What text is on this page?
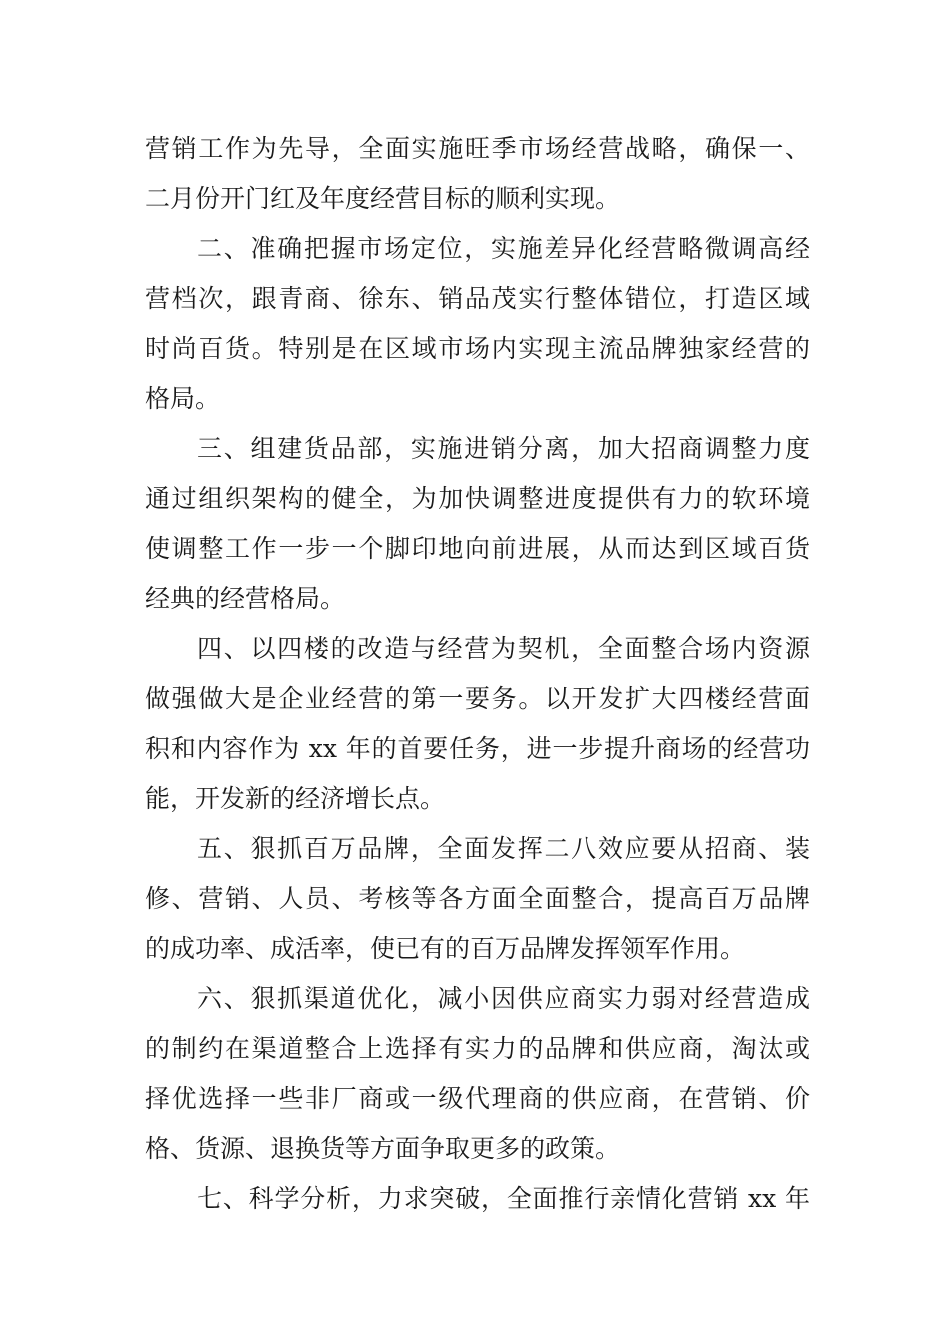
营销工作为先导，全面实施旺季市场经营战略，确保一、
二月份开门红及年度经营目标的顺利实现。
二、准确把握市场定位，实施差异化经营略微调高经
营档次，跟青商、徐东、销品茂实行整体错位，打造区域
时尚百货。特别是在区域市场内实现主流品牌独家经营的
格局。
三、组建货品部，实施进销分离，加大招商调整力度
通过组织架构的健全，为加快调整进度提供有力的软环境
使调整工作一步一个脚印地向前进展，从而达到区域百货
经典的经营格局。
四、以四楼的改造与经营为契机，全面整合场内资源
做强做大是企业经营的第一要务。以开发扩大四楼经营面
积和内容作为 xx 年的首要任务，进一步提升商场的经营功
能，开发新的经济增长点。
五、狠抓百万品牌，全面发挥二八效应要从招商、装
修、营销、人员、考核等各方面全面整合，提高百万品牌
的成功率、成活率，使已有的百万品牌发挥领军作用。
六、狠抓渠道优化，减小因供应商实力弱对经营造成
的制约在渠道整合上选择有实力的品牌和供应商，淘汰或
择优选择一些非厂商或一级代理商的供应商，在营销、价
格、货源、退换货等方面争取更多的政策。
七、科学分析，力求突破，全面推行亲情化营销 xx 年
